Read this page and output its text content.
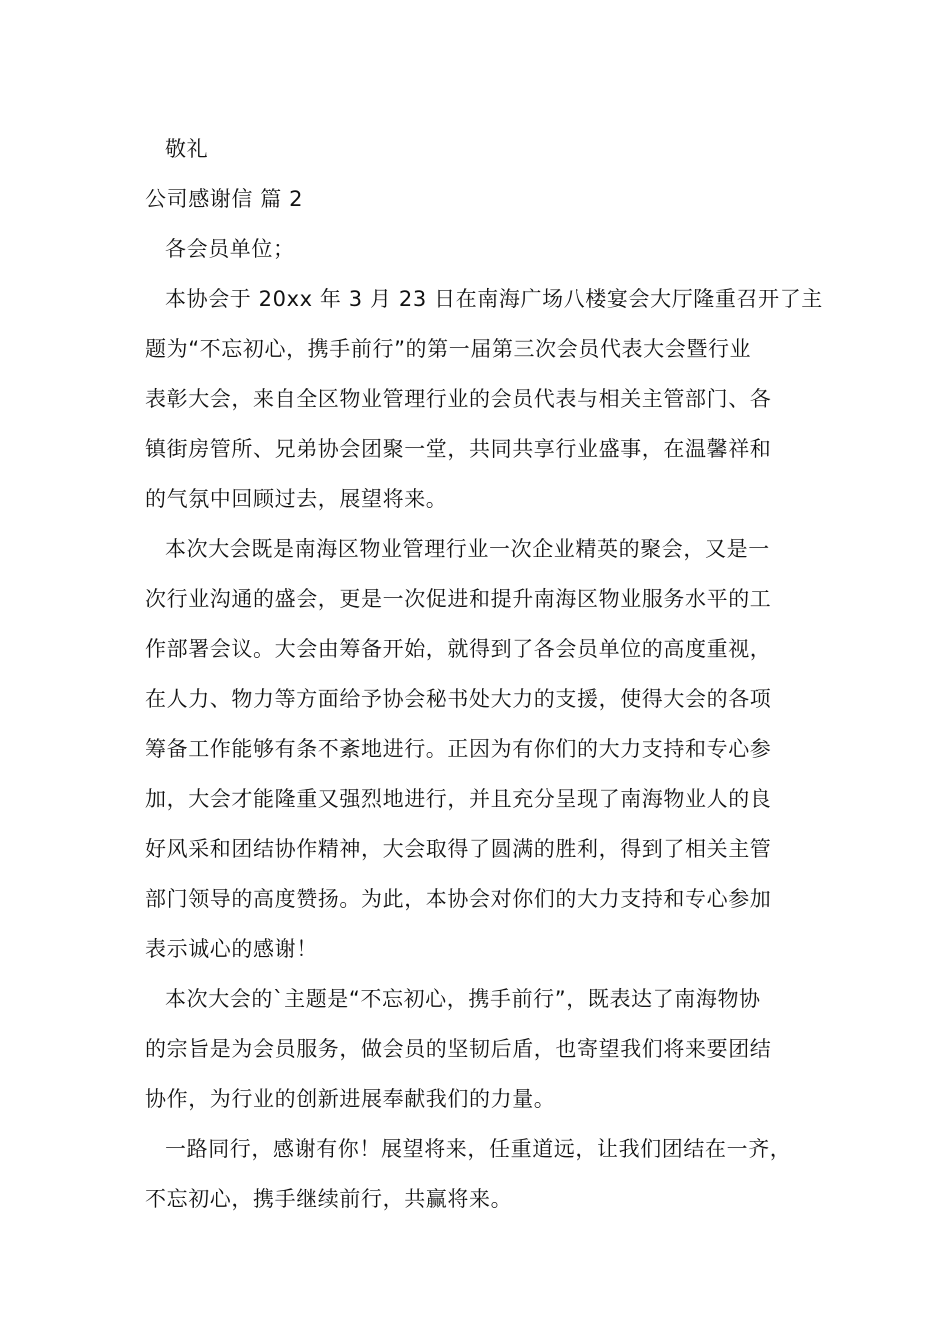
敬礼
公司感谢信 篇 2
各会员单位；
本协会于 20xx 年 3 月 23 日在南海广场八楼宴会大厅隆重召开了主
题为“不忘初心，携手前行”的第一届第三次会员代表大会暨行业
表彰大会，来自全区物业管理行业的会员代表与相关主管部门、各
镇街房管所、兄弟协会团聚一堂，共同共享行业盛事，在温馨祥和
的气氛中回顾过去，展望将来。
本次大会既是南海区物业管理行业一次企业精英的聚会，又是一
次行业沟通的盛会，更是一次促进和提升南海区物业服务水平的工
作部署会议。大会由筹备开始，就得到了各会员单位的高度重视，
在人力、物力等方面给予协会秘书处大力的支援，使得大会的各项
筹备工作能够有条不紊地进行。正因为有你们的大力支持和专心参
加，大会才能隆重又强烈地进行，并且充分呈现了南海物业人的良
好风采和团结协作精神，大会取得了圆满的胜利，得到了相关主管
部门领导的高度赞扬。为此，本协会对你们的大力支持和专心参加
表示诚心的感谢！
本次大会的`主题是“不忘初心，携手前行”，既表达了南海物协
的宗旨是为会员服务，做会员的坚韧后盾，也寄望我们将来要团结
协作，为行业的创新进展奉献我们的力量。
一路同行，感谢有你！展望将来，任重道远，让我们团结在一齐，
不忘初心，携手继续前行，共赢将来。
